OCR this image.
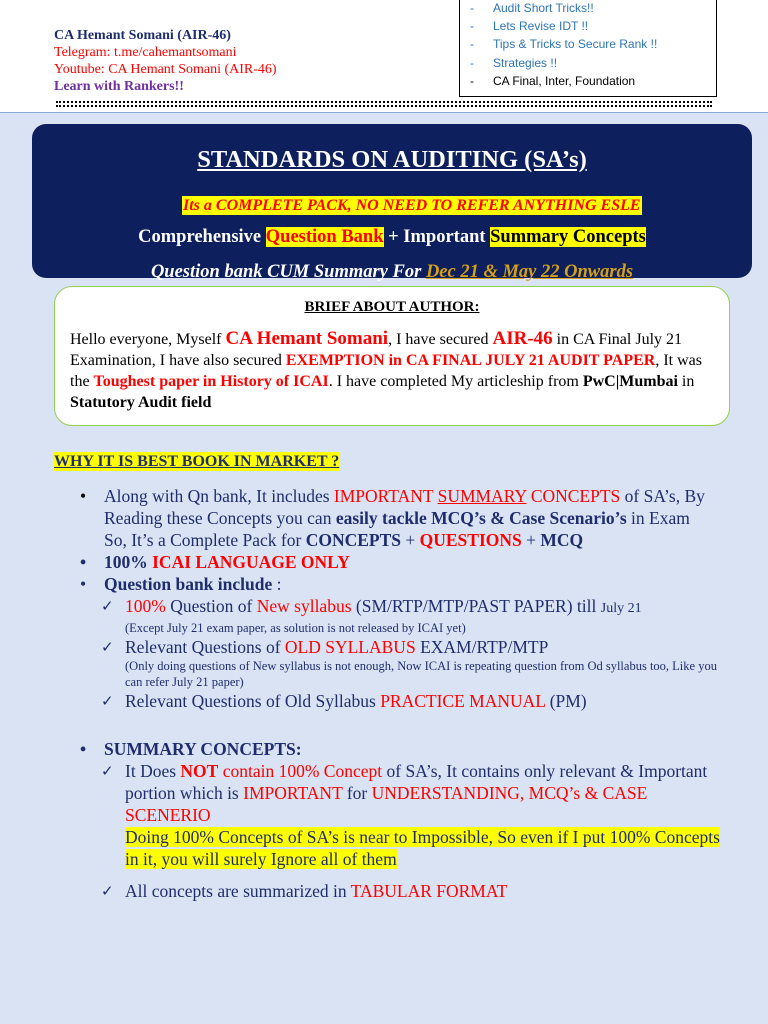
CA Hemant Somani (AIR-46)
Telegram: t.me/cahemantsomani
Youtube: CA Hemant Somani (AIR-46)
Learn with Rankers!!
- Audit Short Tricks!!
- Lets Revise IDT !!
- Tips & Tricks to Secure Rank !!
- Strategies !!
- CA Final, Inter, Foundation
STANDARDS ON AUDITING (SA’s)
Its a COMPLETE PACK, NO NEED TO REFER ANYTHING ESLE
Comprehensive Question Bank + Important Summary Concepts
Question bank CUM Summary For Dec 21 & May 22 Onwards
BRIEF ABOUT AUTHOR:
Hello everyone, Myself CA Hemant Somani, I have secured AIR-46 in CA Final July 21 Examination, I have also secured EXEMPTION in CA FINAL JULY 21 AUDIT PAPER, It was the Toughest paper in History of ICAI. I have completed My articleship from PwC|Mumbai in Statutory Audit field
WHY IT IS BEST BOOK IN MARKET ?
• Along with Qn bank, It includes IMPORTANT SUMMARY CONCEPTS of SA’s, By Reading these Concepts you can easily tackle MCQ’s & Case Scenario’s in Exam
So, It’s a Complete Pack for CONCEPTS + QUESTIONS + MCQ
• 100% ICAI LANGUAGE ONLY
• Question bank include :
✓ 100% Question of New syllabus (SM/RTP/MTP/PAST PAPER) till July 21
(Except July 21 exam paper, as solution is not released by ICAI yet)
✓ Relevant Questions of OLD SYLLABUS EXAM/RTP/MTP
(Only doing questions of New syllabus is not enough, Now ICAI is repeating question from Od syllabus too, Like you can refer July 21 paper)
✓ Relevant Questions of Old Syllabus PRACTICE MANUAL (PM)
• SUMMARY CONCEPTS:
✓ It Does NOT contain 100% Concept of SA’s, It contains only relevant & Important portion which is IMPORTANT for UNDERSTANDING, MCQ’s & CASE SCENERIO
Doing 100% Concepts of SA’s is near to Impossible, So even if I put 100% Concepts in it, you will surely Ignore all of them
✓ All concepts are summarized in TABULAR FORMAT
